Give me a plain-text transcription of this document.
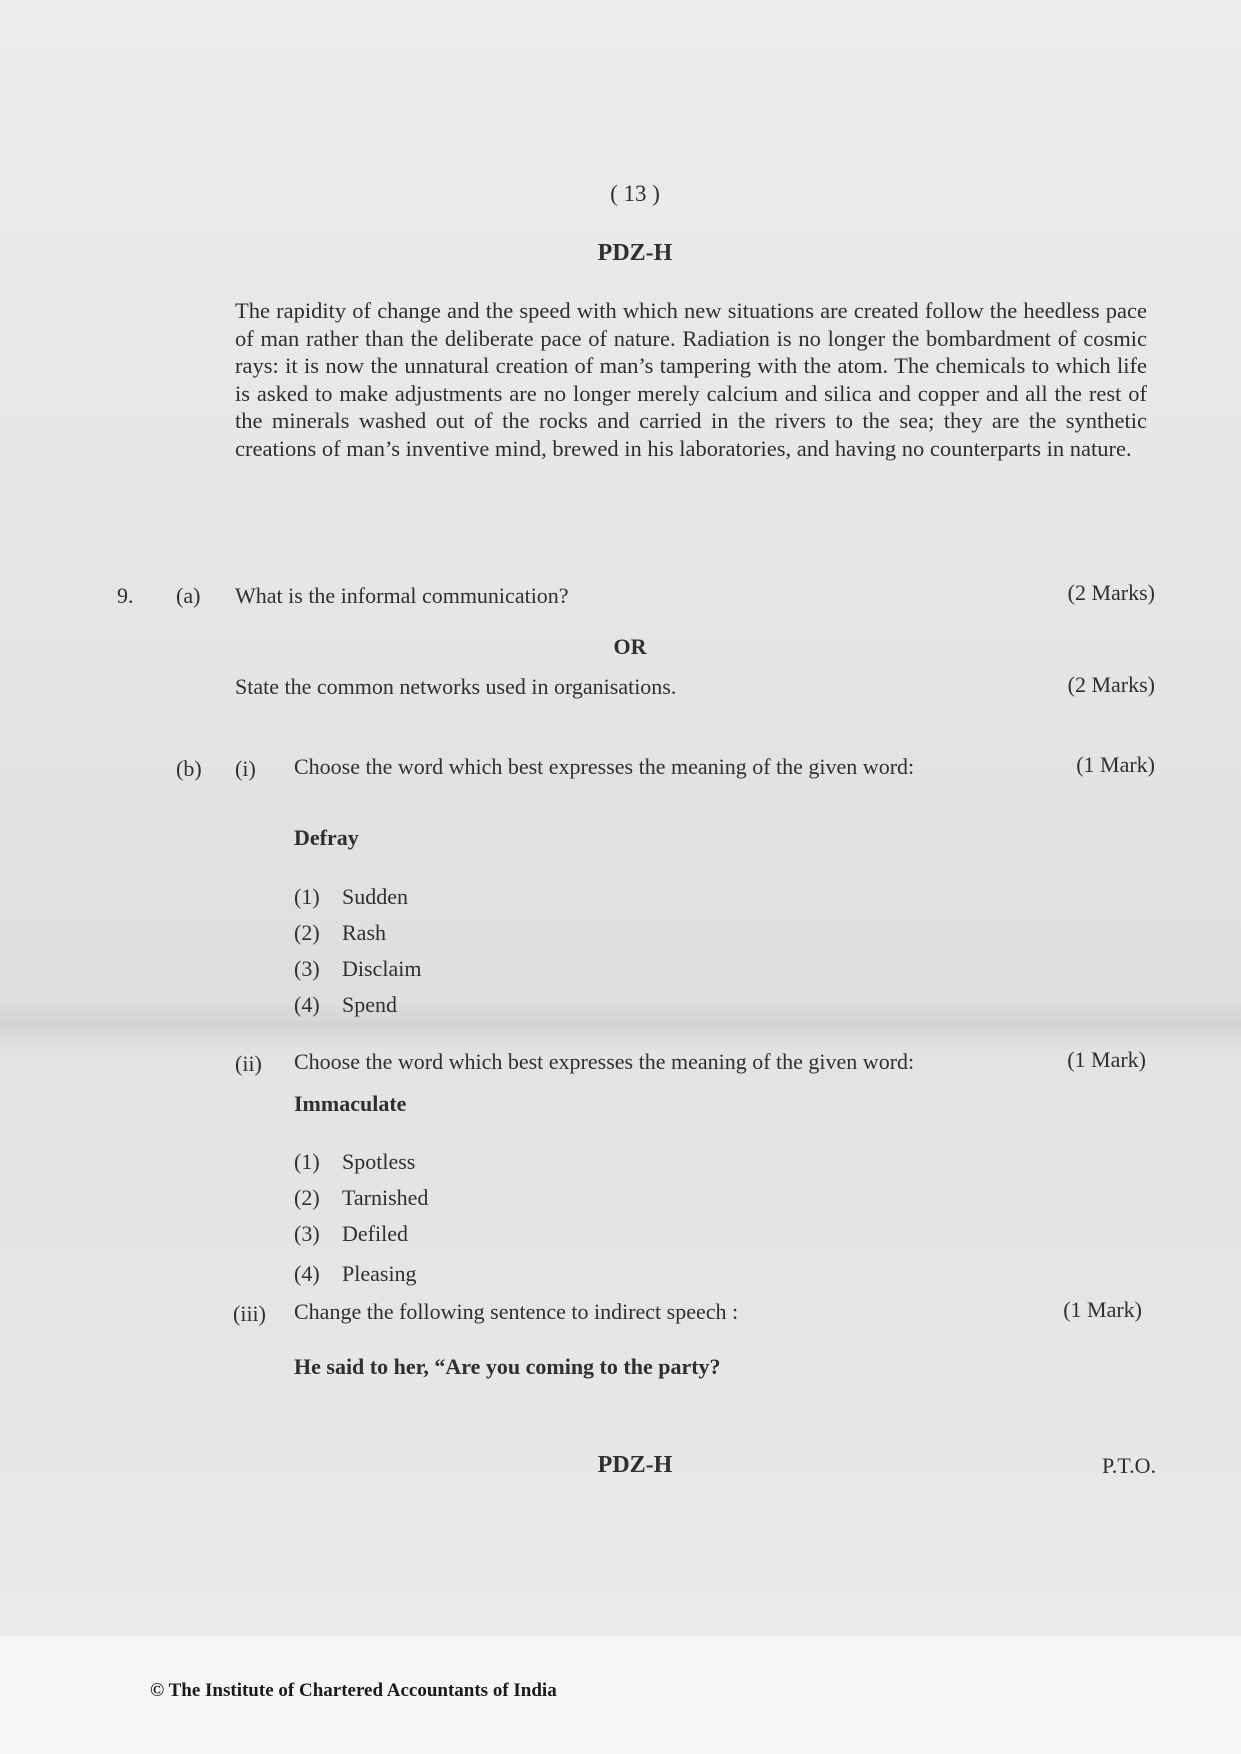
( 13 )
PDZ-H
The rapidity of change and the speed with which new situations are created follow the heedless pace of man rather than the deliberate pace of nature. Radiation is no longer the bombardment of cosmic rays: it is now the unnatural creation of man’s tampering with the atom. The chemicals to which life is asked to make adjustments are no longer merely calcium and silica and copper and all the rest of the minerals washed out of the rocks and carried in the rivers to the sea; they are the synthetic creations of man’s inventive mind, brewed in his laboratories, and having no counterparts in nature.
9. (a) What is the informal communication?	(2 Marks)
OR
State the common networks used in organisations.	(2 Marks)
(b) (i) Choose the word which best expresses the meaning of the given word:	(1 Mark)
Defray
(1) Sudden
(2) Rash
(3) Disclaim
(4) Spend
(ii) Choose the word which best expresses the meaning of the given word:	(1 Mark)
Immaculate
(1) Spotless
(2) Tarnished
(3) Defiled
(4) Pleasing
(iii) Change the following sentence to indirect speech :	(1 Mark)
He said to her, “Are you coming to the party?
PDZ-H	P.T.O.
© The Institute of Chartered Accountants of India
